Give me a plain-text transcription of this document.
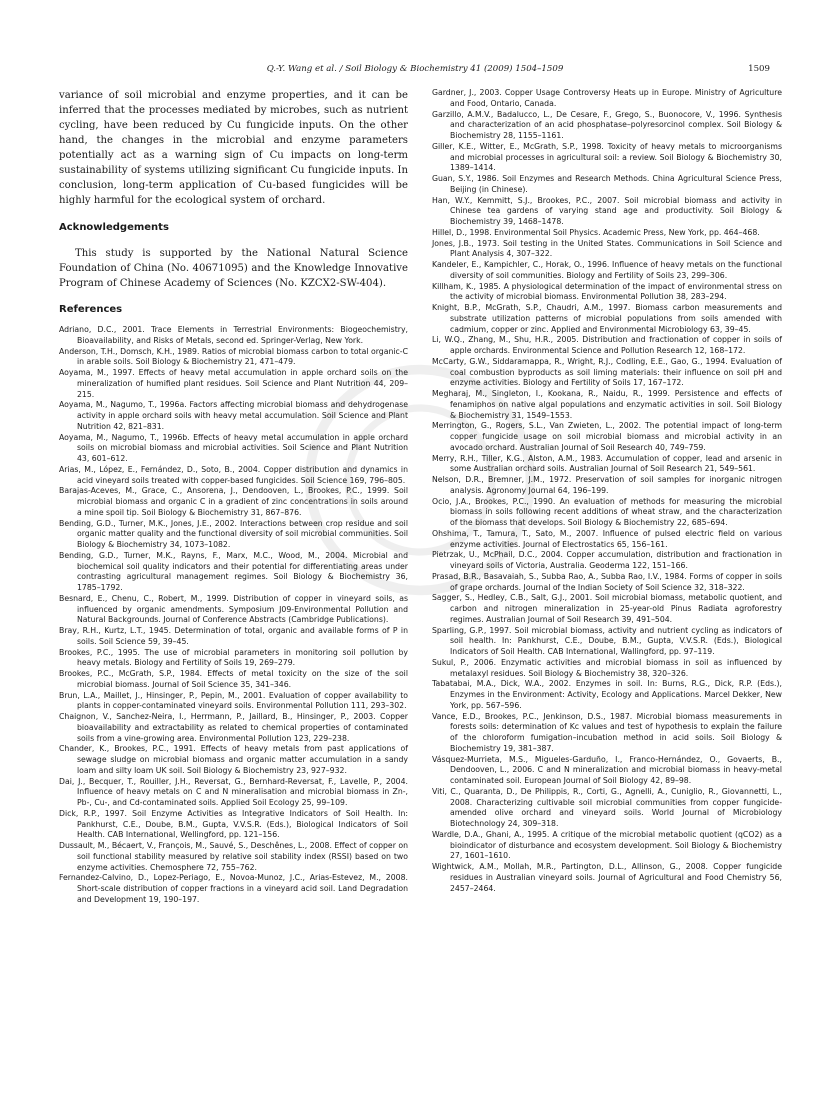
Q.-Y. Wang et al. / Soil Biology & Biochemistry 41 (2009) 1504–1509	1509

variance of soil microbial and enzyme properties, and it can be inferred that the processes mediated by microbes, such as nutrient cycling, have been reduced by Cu fungicide inputs. On the other hand, the changes in the microbial and enzyme parameters potentially act as a warning sign of Cu impacts on long-term sustainability of systems utilizing significant Cu fungicide inputs. In conclusion, long-term application of Cu-based fungicides will be highly harmful for the ecological system of orchard.

Acknowledgements

This study is supported by the National Natural Science Foundation of China (No. 40671095) and the Knowledge Innovative Program of Chinese Academy of Sciences (No. KZCX2-SW-404).

References

Adriano, D.C., 2001. Trace Elements in Terrestrial Environments: Biogeochemistry, Bioavailability, and Risks of Metals, second ed. Springer-Verlag, New York.

Anderson, T.H., Domsch, K.H., 1989. Ratios of microbial biomass carbon to total organic-C in arable soils. Soil Biology & Biochemistry 21, 471–479.

Aoyama, M., 1997. Effects of heavy metal accumulation in apple orchard soils on the mineralization of humified plant residues. Soil Science and Plant Nutrition 44, 209–215.

Aoyama, M., Nagumo, T., 1996a. Factors affecting microbial biomass and dehydrogenase activity in apple orchard soils with heavy metal accumulation. Soil Science and Plant Nutrition 42, 821–831.

Aoyama, M., Nagumo, T., 1996b. Effects of heavy metal accumulation in apple orchard soils on microbial biomass and microbial activities. Soil Science and Plant Nutrition 43, 601–612.

Arias, M., López, E., Fernández, D., Soto, B., 2004. Copper distribution and dynamics in acid vineyard soils treated with copper-based fungicides. Soil Science 169, 796–805.

Barajas-Aceves, M., Grace, C., Ansorena, J., Dendooven, L., Brookes, P.C., 1999. Soil microbial biomass and organic C in a gradient of zinc concentrations in soils around a mine spoil tip. Soil Biology & Biochemistry 31, 867–876.

Bending, G.D., Turner, M.K., Jones, J.E., 2002. Interactions between crop residue and soil organic matter quality and the functional diversity of soil microbial communities. Soil Biology & Biochemistry 34, 1073–1082.

Bending, G.D., Turner, M.K., Rayns, F., Marx, M.C., Wood, M., 2004. Microbial and biochemical soil quality indicators and their potential for differentiating areas under contrasting agricultural management regimes. Soil Biology & Biochemistry 36, 1785–1792.

Besnard, E., Chenu, C., Robert, M., 1999. Distribution of copper in vineyard soils, as influenced by organic amendments. Symposium J09-Environmental Pollution and Natural Backgrounds. Journal of Conference Abstracts (Cambridge Publications).

Bray, R.H., Kurtz, L.T., 1945. Determination of total, organic and available forms of P in soils. Soil Science 59, 39–45.

Brookes, P.C., 1995. The use of microbial parameters in monitoring soil pollution by heavy metals. Biology and Fertility of Soils 19, 269–279.

Brookes, P.C., McGrath, S.P., 1984. Effects of metal toxicity on the size of the soil microbial biomass. Journal of Soil Science 35, 341–346.

Brun, L.A., Maillet, J., Hinsinger, P., Pepin, M., 2001. Evaluation of copper availability to plants in copper-contaminated vineyard soils. Environmental Pollution 111, 293–302.

Chaignon, V., Sanchez-Neira, I., Herrmann, P., Jaillard, B., Hinsinger, P., 2003. Copper bioavailability and extractability as related to chemical properties of contaminated soils from a vine-growing area. Environmental Pollution 123, 229–238.

Chander, K., Brookes, P.C., 1991. Effects of heavy metals from past applications of sewage sludge on microbial biomass and organic matter accumulation in a sandy loam and silty loam UK soil. Soil Biology & Biochemistry 23, 927–932.

Dai, J., Becquer, T., Rouiller, J.H., Reversat, G., Bernhard-Reversat, F., Lavelle, P., 2004. Influence of heavy metals on C and N mineralisation and microbial biomass in Zn-, Pb-, Cu-, and Cd-contaminated soils. Applied Soil Ecology 25, 99–109.

Dick, R.P., 1997. Soil Enzyme Activities as Integrative Indicators of Soil Health. In: Pankhurst, C.E., Doube, B.M., Gupta, V.V.S.R. (Eds.), Biological Indicators of Soil Health. CAB International, Wellingford, pp. 121–156.

Dussault, M., Bécaert, V., François, M., Sauvé, S., Deschênes, L., 2008. Effect of copper on soil functional stability measured by relative soil stability index (RSSI) based on two enzyme activities. Chemosphere 72, 755–762.

Fernandez-Calvino, D., Lopez-Periago, E., Novoa-Munoz, J.C., Arias-Estevez, M., 2008. Short-scale distribution of copper fractions in a vineyard acid soil. Land Degradation and Development 19, 190–197.

Gardner, J., 2003. Copper Usage Controversy Heats up in Europe. Ministry of Agriculture and Food, Ontario, Canada.

Garzillo, A.M.V., Badalucco, L., De Cesare, F., Grego, S., Buonocore, V., 1996. Synthesis and characterization of an acid phosphatase–polyresorcinol complex. Soil Biology & Biochemistry 28, 1155–1161.

Giller, K.E., Witter, E., McGrath, S.P., 1998. Toxicity of heavy metals to microorganisms and microbial processes in agricultural soil: a review. Soil Biology & Biochemistry 30, 1389–1414.

Guan, S.Y., 1986. Soil Enzymes and Research Methods. China Agricultural Science Press, Beijing (in Chinese).

Han, W.Y., Kemmitt, S.J., Brookes, P.C., 2007. Soil microbial biomass and activity in Chinese tea gardens of varying stand age and productivity. Soil Biology & Biochemistry 39, 1468–1478.

Hillel, D., 1998. Environmental Soil Physics. Academic Press, New York, pp. 464–468.

Jones, J.B., 1973. Soil testing in the United States. Communications in Soil Science and Plant Analysis 4, 307–322.

Kandeler, E., Kampichler, C., Horak, O., 1996. Influence of heavy metals on the functional diversity of soil communities. Biology and Fertility of Soils 23, 299–306.

Killham, K., 1985. A physiological determination of the impact of environmental stress on the activity of microbial biomass. Environmental Pollution 38, 283–294.

Knight, B.P., McGrath, S.P., Chaudri, A.M., 1997. Biomass carbon measurements and substrate utilization patterns of microbial populations from soils amended with cadmium, copper or zinc. Applied and Environmental Microbiology 63, 39–45.

Li, W.Q., Zhang, M., Shu, H.R., 2005. Distribution and fractionation of copper in soils of apple orchards. Environmental Science and Pollution Research 12, 168–172.

McCarty, G.W., Siddaramappa, R., Wright, R.J., Codling, E.E., Gao, G., 1994. Evaluation of coal combustion byproducts as soil liming materials: their influence on soil pH and enzyme activities. Biology and Fertility of Soils 17, 167–172.

Megharaj, M., Singleton, I., Kookana, R., Naidu, R., 1999. Persistence and effects of fenamiphos on native algal populations and enzymatic activities in soil. Soil Biology & Biochemistry 31, 1549–1553.

Merrington, G., Rogers, S.L., Van Zwieten, L., 2002. The potential impact of long-term copper fungicide usage on soil microbial biomass and microbial activity in an avocado orchard. Australian Journal of Soil Research 40, 749–759.

Merry, R.H., Tiller, K.G., Alston, A.M., 1983. Accumulation of copper, lead and arsenic in some Australian orchard soils. Australian Journal of Soil Research 21, 549–561.

Nelson, D.R., Bremner, J.M., 1972. Preservation of soil samples for inorganic nitrogen analysis. Agronomy Journal 64, 196–199.

Ocio, J.A., Brookes, P.C., 1990. An evaluation of methods for measuring the microbial biomass in soils following recent additions of wheat straw, and the characterization of the biomass that develops. Soil Biology & Biochemistry 22, 685–694.

Ohshima, T., Tamura, T., Sato, M., 2007. Influence of pulsed electric field on various enzyme activities. Journal of Electrostatics 65, 156–161.

Pietrzak, U., McPhail, D.C., 2004. Copper accumulation, distribution and fractionation in vineyard soils of Victoria, Australia. Geoderma 122, 151–166.

Prasad, B.R., Basavaiah, S., Subba Rao, A., Subba Rao, I.V., 1984. Forms of copper in soils of grape orchards. Journal of the Indian Society of Soil Science 32, 318–322.

Sagger, S., Hedley, C.B., Salt, G.J., 2001. Soil microbial biomass, metabolic quotient, and carbon and nitrogen mineralization in 25-year-old Pinus Radiata agroforestry regimes. Australian Journal of Soil Research 39, 491–504.

Sparling, G.P., 1997. Soil microbial biomass, activity and nutrient cycling as indicators of soil health. In: Pankhurst, C.E., Doube, B.M., Gupta, V.V.S.R. (Eds.), Biological Indicators of Soil Health. CAB International, Wallingford, pp. 97–119.

Sukul, P., 2006. Enzymatic activities and microbial biomass in soil as influenced by metalaxyl residues. Soil Biology & Biochemistry 38, 320–326.

Tabatabai, M.A., Dick, W.A., 2002. Enzymes in soil. In: Burns, R.G., Dick, R.P. (Eds.), Enzymes in the Environment: Activity, Ecology and Applications. Marcel Dekker, New York, pp. 567–596.

Vance, E.D., Brookes, P.C., Jenkinson, D.S., 1987. Microbial biomass measurements in forests soils: determination of Kc values and test of hypothesis to explain the failure of the chloroform fumigation–incubation method in acid soils. Soil Biology & Biochemistry 19, 381–387.

Vásquez-Murrieta, M.S., Migueles-Garduño, I., Franco-Hernández, O., Govaerts, B., Dendooven, L., 2006. C and N mineralization and microbial biomass in heavy-metal contaminated soil. European Journal of Soil Biology 42, 89–98.

Viti, C., Quaranta, D., De Philippis, R., Corti, G., Agnelli, A., Cuniglio, R., Giovannetti, L., 2008. Characterizing cultivable soil microbial communities from copper fungicide-amended olive orchard and vineyard soils. World Journal of Microbiology Biotechnology 24, 309–318.

Wardle, D.A., Ghani, A., 1995. A critique of the microbial metabolic quotient (qCO2) as a bioindicator of disturbance and ecosystem development. Soil Biology & Biochemistry 27, 1601–1610.

Wightwick, A.M., Mollah, M.R., Partington, D.L., Allinson, G., 2008. Copper fungicide residues in Australian vineyard soils. Journal of Agricultural and Food Chemistry 56, 2457–2464.
